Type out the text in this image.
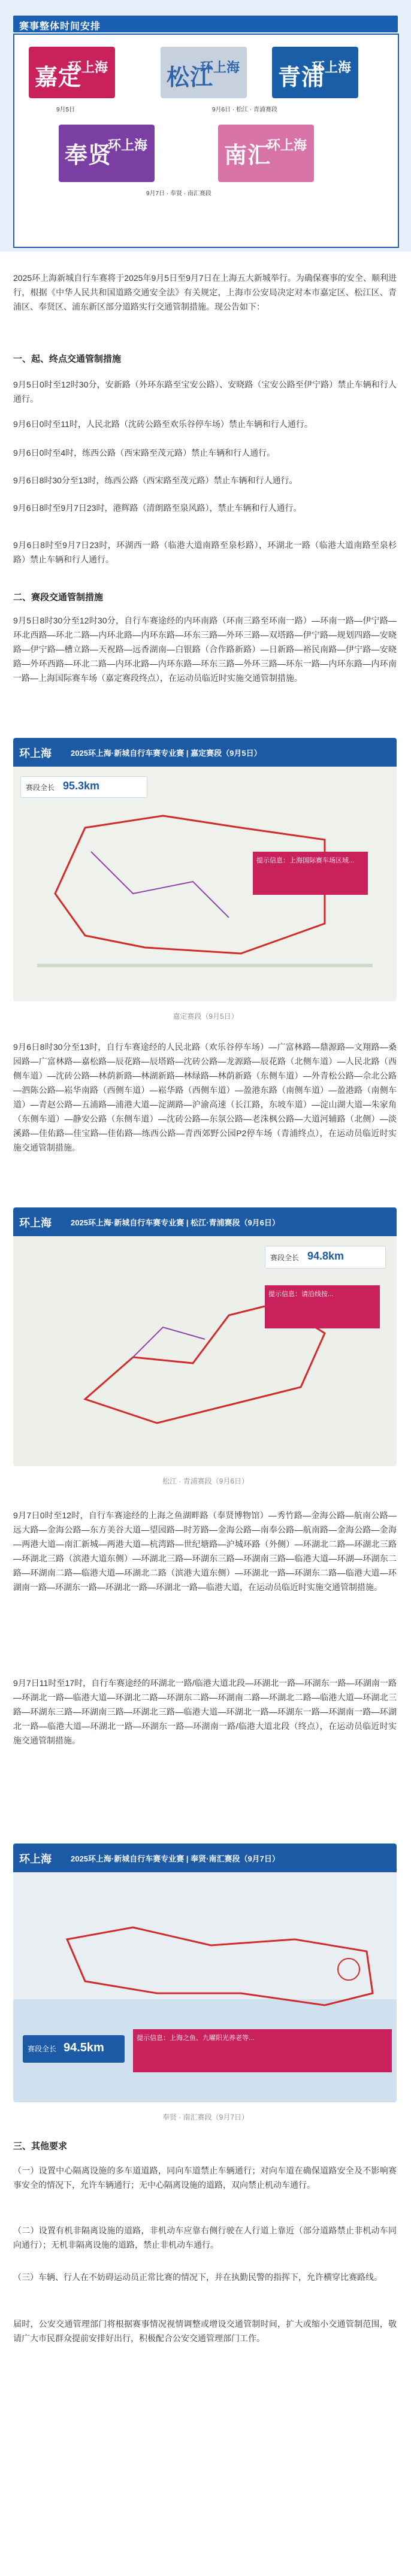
赛事整体时间安排
嘉定
环上海	松江
环上海 青浦
环上海
9月5日	9月6日 · 松江 · 青浦赛段
奉贤
环上海	南汇
环上海
9月7日 · 奉贤 · 南汇赛段

2025环上海新城自行车赛将于2025年9月5日至9月7日在上海五大新城举行。为确保赛事的安全、顺利进行，根据《中华人民共和国道路交通安全法》有关规定，上海市公安局决定对本市嘉定区、松江区、青浦区、奉贤区、浦东新区部分道路实行交通管制措施。现公告如下：

一、起、终点交通管制措施

9月5日0时至12时30分，安新路（外环东路至宝安公路）、安晓路（宝安公路至伊宁路）禁止车辆和行人通行。

9月6日0时至11时，人民北路（沈砖公路至欢乐谷停车场）禁止车辆和行人通行。

9月6日0时至4时，练西公路（西宋路至茂元路）禁止车辆和行人通行。

9月6日8时30分至13时，练西公路（西宋路至茂元路）禁止车辆和行人通行。

9月6日8时至9月7日23时，港辉路（清朗路至泉风路），禁止车辆和行人通行。

9月6日8时至9月7日23时，环湖西一路（临港大道南路至泉杉路），环湖北一路（临港大道南路至泉杉路）禁止车辆和行人通行。

二、赛段交通管制措施

9月5日8时30分至12时30分，自行车赛途经的内环南路（环南三路至环南一路）—环南一路—伊宁路—环北西路—环北二路—内环北路—内环东路—环东三路—外环三路—双塔路—伊宁路—规划四路—安晓路—伊宁路—槽立路—天祝路—远香湖南—白银路（合作路新路）—日新路—裕民南路—伊宁路—安晓路—外环西路—环北二路—内环北路—内环东路—环东三路—外环三路—环东一路—内环东路—内环南一路—上海国际赛车场（嘉定赛段终点），在运动员临近时实施交通管制措施。

环上海 2025环上海·新城自行车赛专业赛 | 嘉定赛段（9月5日）
赛段全长 95.3km
提示信息：上海国际赛车场区域...
嘉定赛段（9月5日）

9月6日8时30分至13时，自行车赛途经的人民北路（欢乐谷停车场）—广富林路—鼎源路—文翔路—桑园路—广富林路—嘉松路—辰花路—辰塔路—沈砖公路—龙源路—辰花路（北侧车道）—人民北路（西侧车道）—沈砖公路—林荫新路—林湖新路—林绿路—林荫新路（东侧车道）—外青松公路—佘北公路—泗陈公路—崧华南路（西侧车道）—崧华路（西侧车道）—盈港东路（南侧车道）—盈港路（南侧车道）—青赵公路—五浦路—浦港大道—淀湖路—沪渝高速（长江路，东坡车道）—淀山湖大道—朱家角（东侧车道）—静安公路（东侧车道）—沈砖公路—东氛公路—老洙枫公路—大道河辅路（北侧）—淡溪路—佳佑路—佳宝路—佳佑路—练西公路—青西郊野公园P2停车场（青浦终点），在运动员临近时实施交通管制措施。

环上海 2025环上海·新城自行车赛专业赛 | 松江·青浦赛段（9月6日）
赛段全长 94.8km
提示信息：请沿线按...
松江 · 青浦赛段（9月6日）

9月7日0时至12时，自行车赛途经的上海之鱼湖畔路（奉贤博物馆）—秀竹路—金海公路—航南公路—远大路—金海公路—东方美谷大道—望园路—时芳路—金海公路—南奉公路—航南路—金海公路—金海—两港大道—南汇新城—两港大道—杭湾路—世纪塘路—沪城环路（外侧）—环湖北二路—环湖北三路—环湖北三路（滨港大道东侧）—环湖北三路—环湖东三路—环湖南三路—临港大道—环湖—环湖东二路—环湖南二路—临港大道—环湖北二路（滨港大道东侧）—环湖北一路—环湖东二路—临港大道—环湖南一路—环湖东一路—环湖北一路—环湖北一路—临港大道，在运动员临近时实施交通管制措施。

9月7日11时至17时，自行车赛途经的环湖北一路/临港大道北段—环湖北一路—环湖东一路—环湖南一路—环湖北一路—临港大道—环湖北二路—环湖东二路—环湖南二路—环湖北二路—临港大道—环湖北三路—环湖东三路—环湖南三路—环湖北三路—临港大道—环湖北一路—环湖东一路—环湖南一路—环湖北一路—临港大道—环湖北一路—环湖东一路—环湖南一路/临港大道北段（终点），在运动员临近时实施交通管制措施。

环上海 2025环上海·新城自行车赛专业赛 | 奉贤·南汇赛段（9月7日）
赛段全长 94.5km
提示信息：上海之鱼、九曜阳光养老等...
奉贤 · 南汇赛段（9月7日）
三、其他要求

（一）设置中心隔离设施的多车道道路，同向车道禁止车辆通行；对向车道在确保道路安全及不影响赛事安全的情况下，允许车辆通行；无中心隔离设施的道路，双向禁止机动车通行。

（二）设置有机非隔离设施的道路，非机动车应靠右侧行驶在人行道上靠近（部分道路禁止非机动车同向通行）；无机非隔离设施的道路，禁止非机动车通行。

（三）车辆、行人在不妨碍运动员正常比赛的情况下，并在执勤民警的指挥下，允许横穿比赛路线。

届时，公安交通管理部门将根据赛事情况视情调整或增设交通管制时间，扩大或缩小交通管制范围，敬请广大市民群众提前安排好出行，积极配合公安交通管理部门工作。
